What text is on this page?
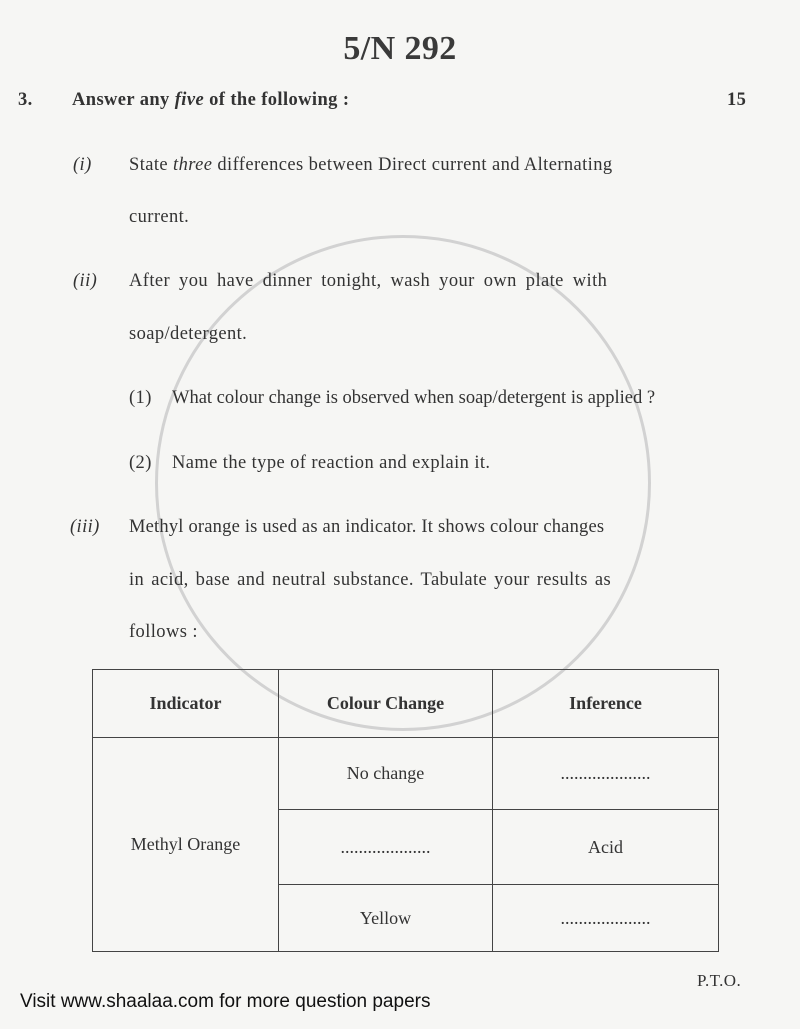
5/N 292
3. Answer any five of the following :	15
(i) State three differences between Direct current and Alternating
current.
(ii) After you have dinner tonight, wash your own plate with
soap/detergent.
(1) What colour change is observed when soap/detergent is applied ?
(2) Name the type of reaction and explain it.
(iii) Methyl orange is used as an indicator. It shows colour changes
in acid, base and neutral substance. Tabulate your results as
follows :
Indicator	Colour Change	Inference
Methyl Orange	No change	....................
	....................	Acid
	Yellow	....................
P.T.O.
Visit www.shaalaa.com for more question papers
